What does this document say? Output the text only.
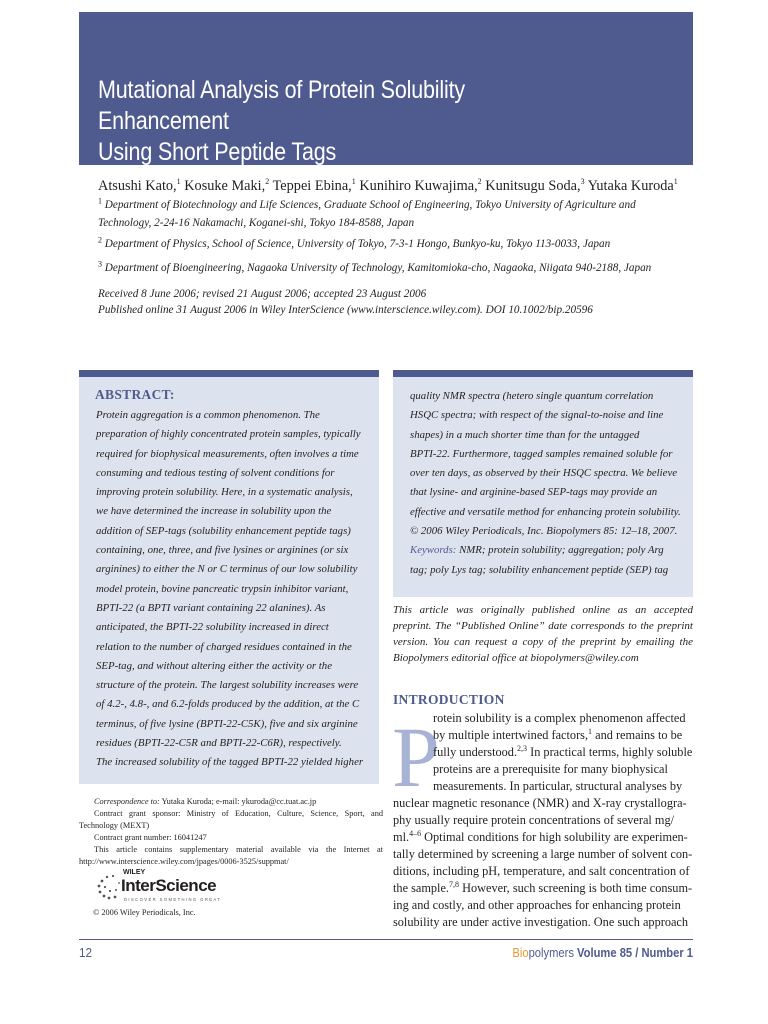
Mutational Analysis of Protein Solubility Enhancement
Using Short Peptide Tags
Atsushi Kato,$^1$ Kosuke Maki,$^2$ Teppei Ebina,$^1$ Kunihiro Kuwajima,$^2$ Kunitsugu Soda,$^3$ Yutaka Kuroda$^1$
$^1$ Department of Biotechnology and Life Sciences, Graduate School of Engineering, Tokyo University of Agriculture and
Technology, 2-24-16 Nakamachi, Koganei-shi, Tokyo 184-8588, Japan
$^2$ Department of Physics, School of Science, University of Tokyo, 7-3-1 Hongo, Bunkyo-ku, Tokyo 113-0033, Japan
$^3$ Department of Bioengineering, Nagaoka University of Technology, Kamitomioka-cho, Nagaoka, Niigata 940-2188, Japan
Received 8 June 2006; revised 21 August 2006; accepted 23 August 2006
Published online 31 August 2006 in Wiley InterScience (www.interscience.wiley.com). DOI 10.1002/bip.20596
ABSTRACT:
Protein aggregation is a common phenomenon. The
preparation of highly concentrated protein samples, typically
required for biophysical measurements, often involves a time
consuming and tedious testing of solvent conditions for
improving protein solubility. Here, in a systematic analysis,
we have determined the increase in solubility upon the
addition of SEP-tags (solubility enhancement peptide tags)
containing, one, three, and five lysines or arginines (or six
arginines) to either the N or C terminus of our low solubility
model protein, bovine pancreatic trypsin inhibitor variant,
BPTI-22 (a BPTI variant containing 22 alanines). As
anticipated, the BPTI-22 solubility increased in direct
relation to the number of charged residues contained in the
SEP-tag, and without altering either the activity or the
structure of the protein. The largest solubility increases were
of 4.2-, 4.8-, and 6.2-folds produced by the addition, at the C
terminus, of five lysine (BPTI-22-C5K), five and six arginine
residues (BPTI-22-C5R and BPTI-22-C6R), respectively.
The increased solubility of the tagged BPTI-22 yielded higher
quality NMR spectra (hetero single quantum correlation
HSQC spectra; with respect of the signal-to-noise and line
shapes) in a much shorter time than for the untagged
BPTI-22. Furthermore, tagged samples remained soluble for
over ten days, as observed by their HSQC spectra. We believe
that lysine- and arginine-based SEP-tags may provide an
effective and versatile method for enhancing protein solubility.
© 2006 Wiley Periodicals, Inc. Biopolymers 85: 12–18, 2007.
Keywords: NMR; protein solubility; aggregation; poly Arg
tag; poly Lys tag; solubility enhancement peptide (SEP) tag
This article was originally published online as an accepted preprint. The “Published Online” date corresponds to the preprint version. You can request a copy of the preprint by emailing the Biopolymers editorial office at biopolymers@wiley.com
Correspondence to: Yutaka Kuroda; e-mail: ykuroda@cc.tuat.ac.jp
Contract grant sponsor: Ministry of Education, Culture, Science, Sport, and Technology (MEXT)
Contract grant number: 16041247
This article contains supplementary material available via the Internet at http://www.interscience.wiley.com/jpages/0006-3525/suppmat/
WILEY
InterScience
DISCOVER SOMETHING GREAT
© 2006 Wiley Periodicals, Inc.
INTRODUCTION
P
rotein solubility is a complex phenomenon affected
by multiple intertwined factors,$^1$ and remains to be
fully understood.$^{2,3}$ In practical terms, highly soluble
proteins are a prerequisite for many biophysical
measurements. In particular, structural analyses by
nuclear magnetic resonance (NMR) and X-ray crystallogra-
phy usually require protein concentrations of several mg/
ml.$^{4-6}$ Optimal conditions for high solubility are experimen-
tally determined by screening a large number of solvent con-
ditions, including pH, temperature, and salt concentration of
the sample.$^{7,8}$ However, such screening is both time consum-
ing and costly, and other approaches for enhancing protein
solubility are under active investigation. One such approach
12	Biopolymers Volume 85 / Number 1
